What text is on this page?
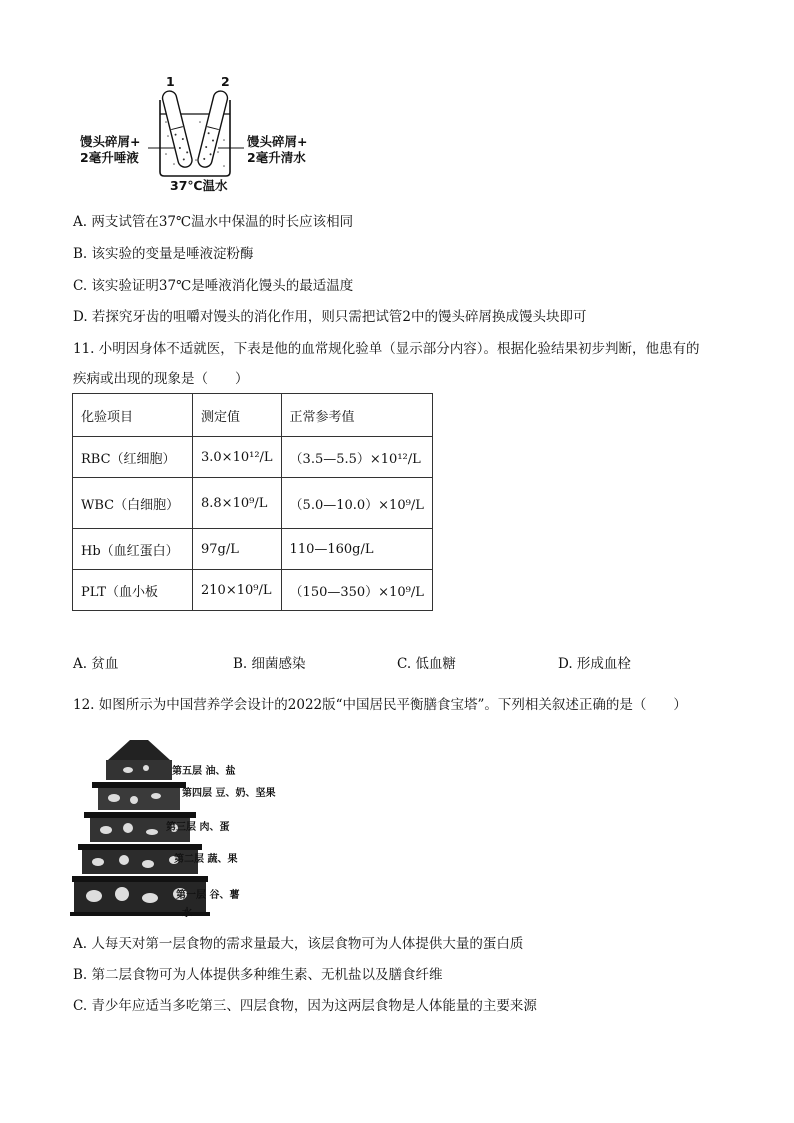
1	2
馒头碎屑+
2毫升唾液
馒头碎屑+
2毫升清水
37℃温水
A. 两支试管在37℃温水中保温的时长应该相同
B. 该实验的变量是唾液淀粉酶
C. 该实验证明37℃是唾液消化馒头的最适温度
D. 若探究牙齿的咀嚼对馒头的消化作用，则只需把试管2中的馒头碎屑换成馒头块即可
11. 小明因身体不适就医，下表是他的血常规化验单（显示部分内容）。根据化验结果初步判断，他患有的
疾病或出现的现象是（　　）
化验项目	测定值	正常参考值
RBC（红细胞）	3.0×10¹²/L	（3.5—5.5）×10¹²/L
WBC（白细胞）	8.8×10⁹/L	（5.0—10.0）×10⁹/L
Hb（血红蛋白）	97g/L	110—160g/L
PLT（血小板	210×10⁹/L	（150—350）×10⁹/L
A. 贫血	B. 细菌感染	C. 低血糖	D. 形成血栓
12. 如图所示为中国营养学会设计的2022版“中国居民平衡膳食宝塔”。下列相关叙述正确的是（　　）
第五层 油、盐
第四层 豆、奶、坚果
第三层 肉、蛋
第二层 蔬、果
第一层 谷、薯
水
A. 人每天对第一层食物的需求量最大，该层食物可为人体提供大量的蛋白质
B. 第二层食物可为人体提供多种维生素、无机盐以及膳食纤维
C. 青少年应适当多吃第三、四层食物，因为这两层食物是人体能量的主要来源
